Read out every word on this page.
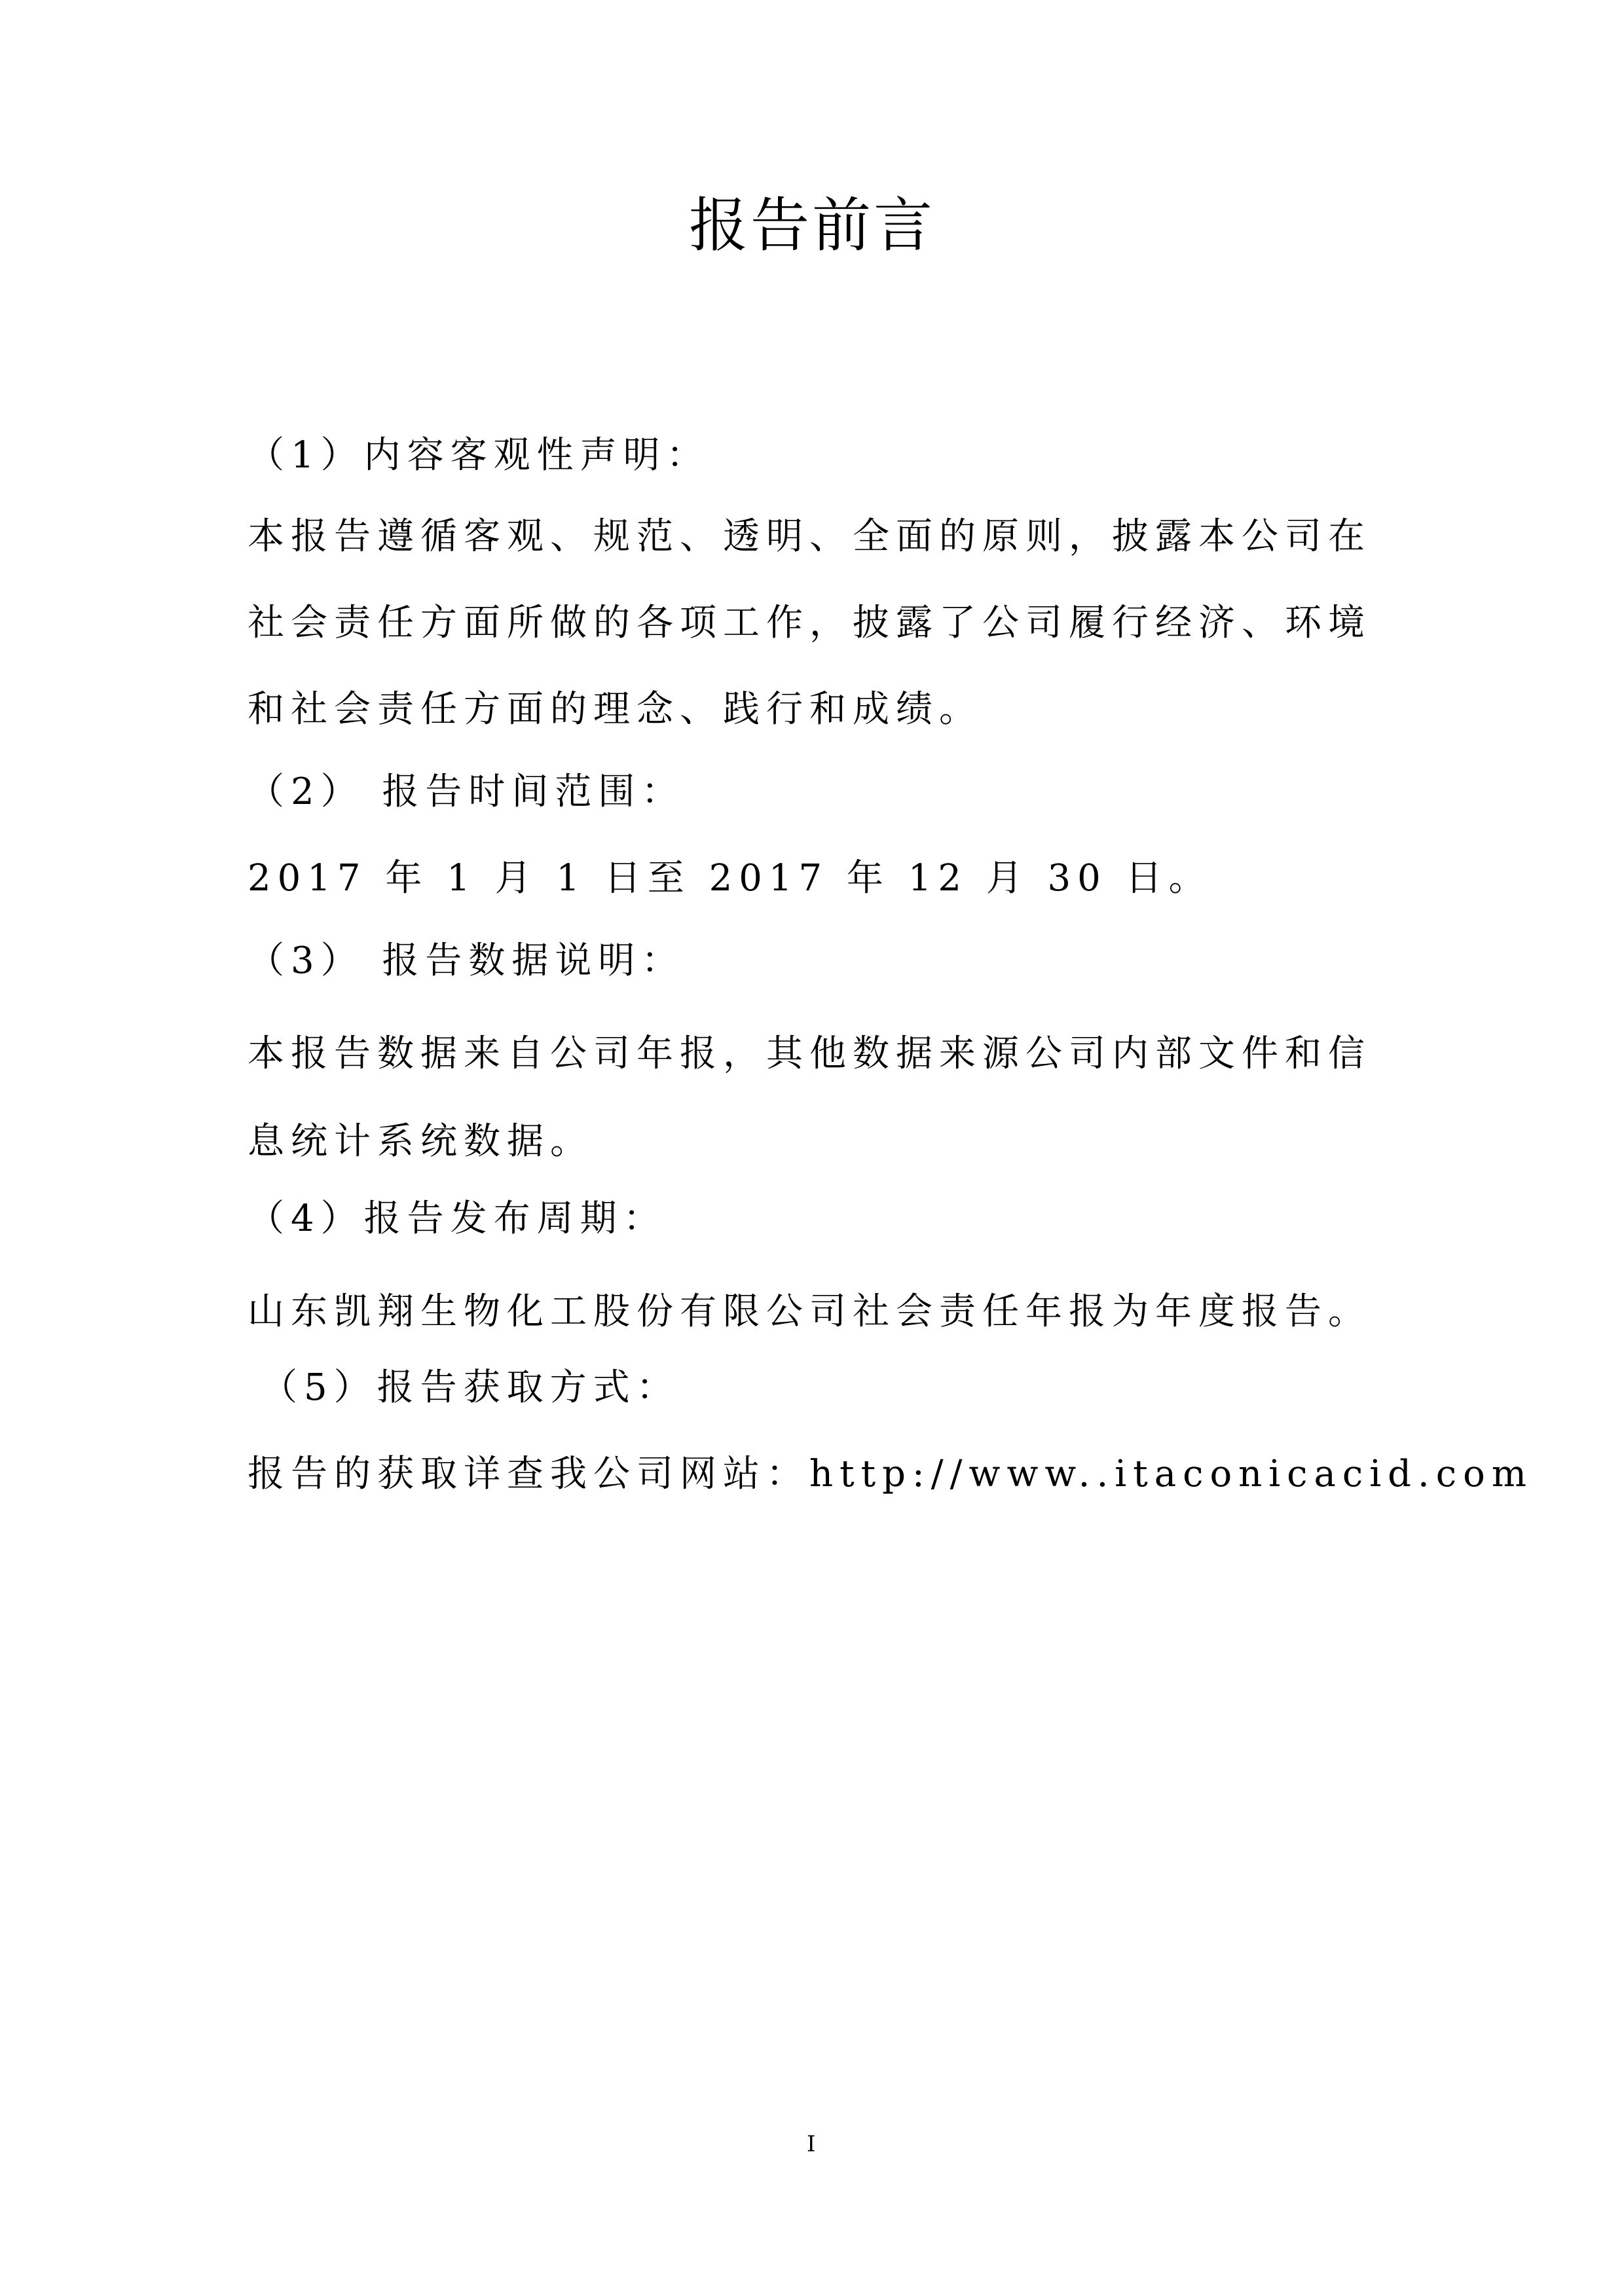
报告前言
（1）内容客观性声明：
本报告遵循客观、规范、透明、全面的原则，披露本公司在
社会责任方面所做的各项工作，披露了公司履行经济、环境
和社会责任方面的理念、践行和成绩。
（2） 报告时间范围：
2017 年 1 月 1 日至 2017 年 12 月 30 日。
（3） 报告数据说明：
本报告数据来自公司年报，其他数据来源公司内部文件和信
息统计系统数据。
（4）报告发布周期：
山东凯翔生物化工股份有限公司社会责任年报为年度报告。
（5）报告获取方式：
报告的获取详查我公司网站：http://www..itaconicacid.com
I
